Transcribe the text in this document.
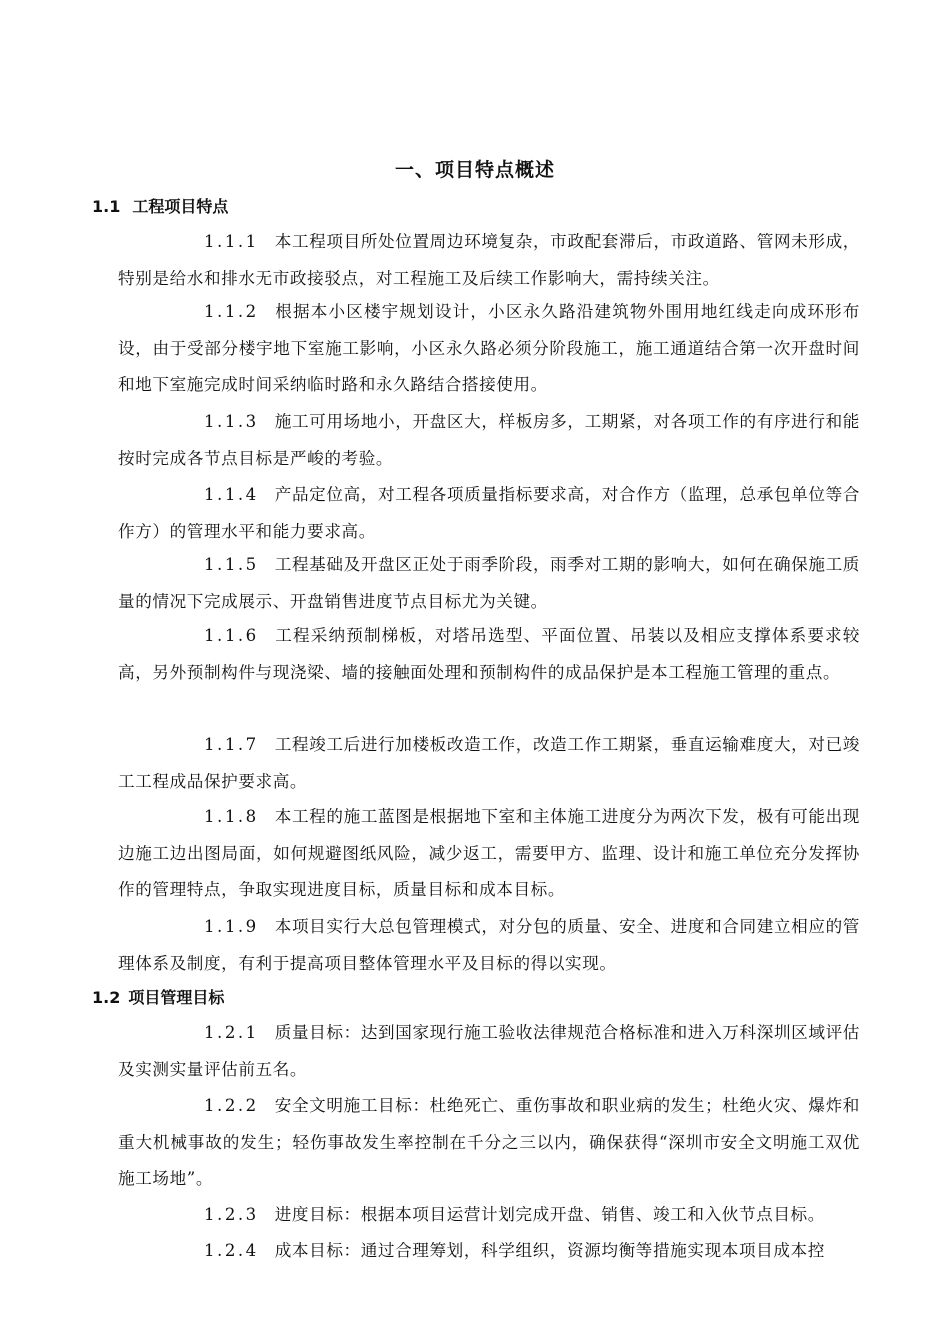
一、项目特点概述
1.1 工程项目特点

1.1.1 本工程项目所处位置周边环境复杂，市政配套滞后，市政道路、管网未形成，特别是给水和排水无市政接驳点，对工程施工及后续工作影响大，需持续关注。

1.1.2 根据本小区楼宇规划设计，小区永久路沿建筑物外围用地红线走向成环形布设，由于受部分楼宇地下室施工影响，小区永久路必须分阶段施工，施工通道结合第一次开盘时间和地下室施完成时间采纳临时路和永久路结合搭接使用。

1.1.3 施工可用场地小，开盘区大，样板房多，工期紧，对各项工作的有序进行和能按时完成各节点目标是严峻的考验。

1.1.4 产品定位高，对工程各项质量指标要求高，对合作方（监理，总承包单位等合作方）的管理水平和能力要求高。

1.1.5 工程基础及开盘区正处于雨季阶段，雨季对工期的影响大，如何在确保施工质量的情况下完成展示、开盘销售进度节点目标尤为关键。

1.1.6 工程采纳预制梯板，对塔吊选型、平面位置、吊装以及相应支撑体系要求较高，另外预制构件与现浇梁、墙的接触面处理和预制构件的成品保护是本工程施工管理的重点。

1.1.7 工程竣工后进行加楼板改造工作，改造工作工期紧，垂直运输难度大，对已竣工工程成品保护要求高。

1.1.8 本工程的施工蓝图是根据地下室和主体施工进度分为两次下发，极有可能出现边施工边出图局面，如何规避图纸风险，减少返工，需要甲方、监理、设计和施工单位充分发挥协作的管理特点，争取实现进度目标，质量目标和成本目标。

1.1.9 本项目实行大总包管理模式，对分包的质量、安全、进度和合同建立相应的管理体系及制度，有利于提高项目整体管理水平及目标的得以实现。

1.2 项目管理目标

1.2.1 质量目标：达到国家现行施工验收法律规范合格标准和进入万科深圳区域评估及实测实量评估前五名。

1.2.2 安全文明施工目标：杜绝死亡、重伤事故和职业病的发生；杜绝火灾、爆炸和重大机械事故的发生；轻伤事故发生率控制在千分之三以内，确保获得“深圳市安全文明施工双优施工场地”。

1.2.3 进度目标：根据本项目运营计划完成开盘、销售、竣工和入伙节点目标。

1.2.4 成本目标：通过合理筹划，科学组织，资源均衡等措施实现本项目成本控
